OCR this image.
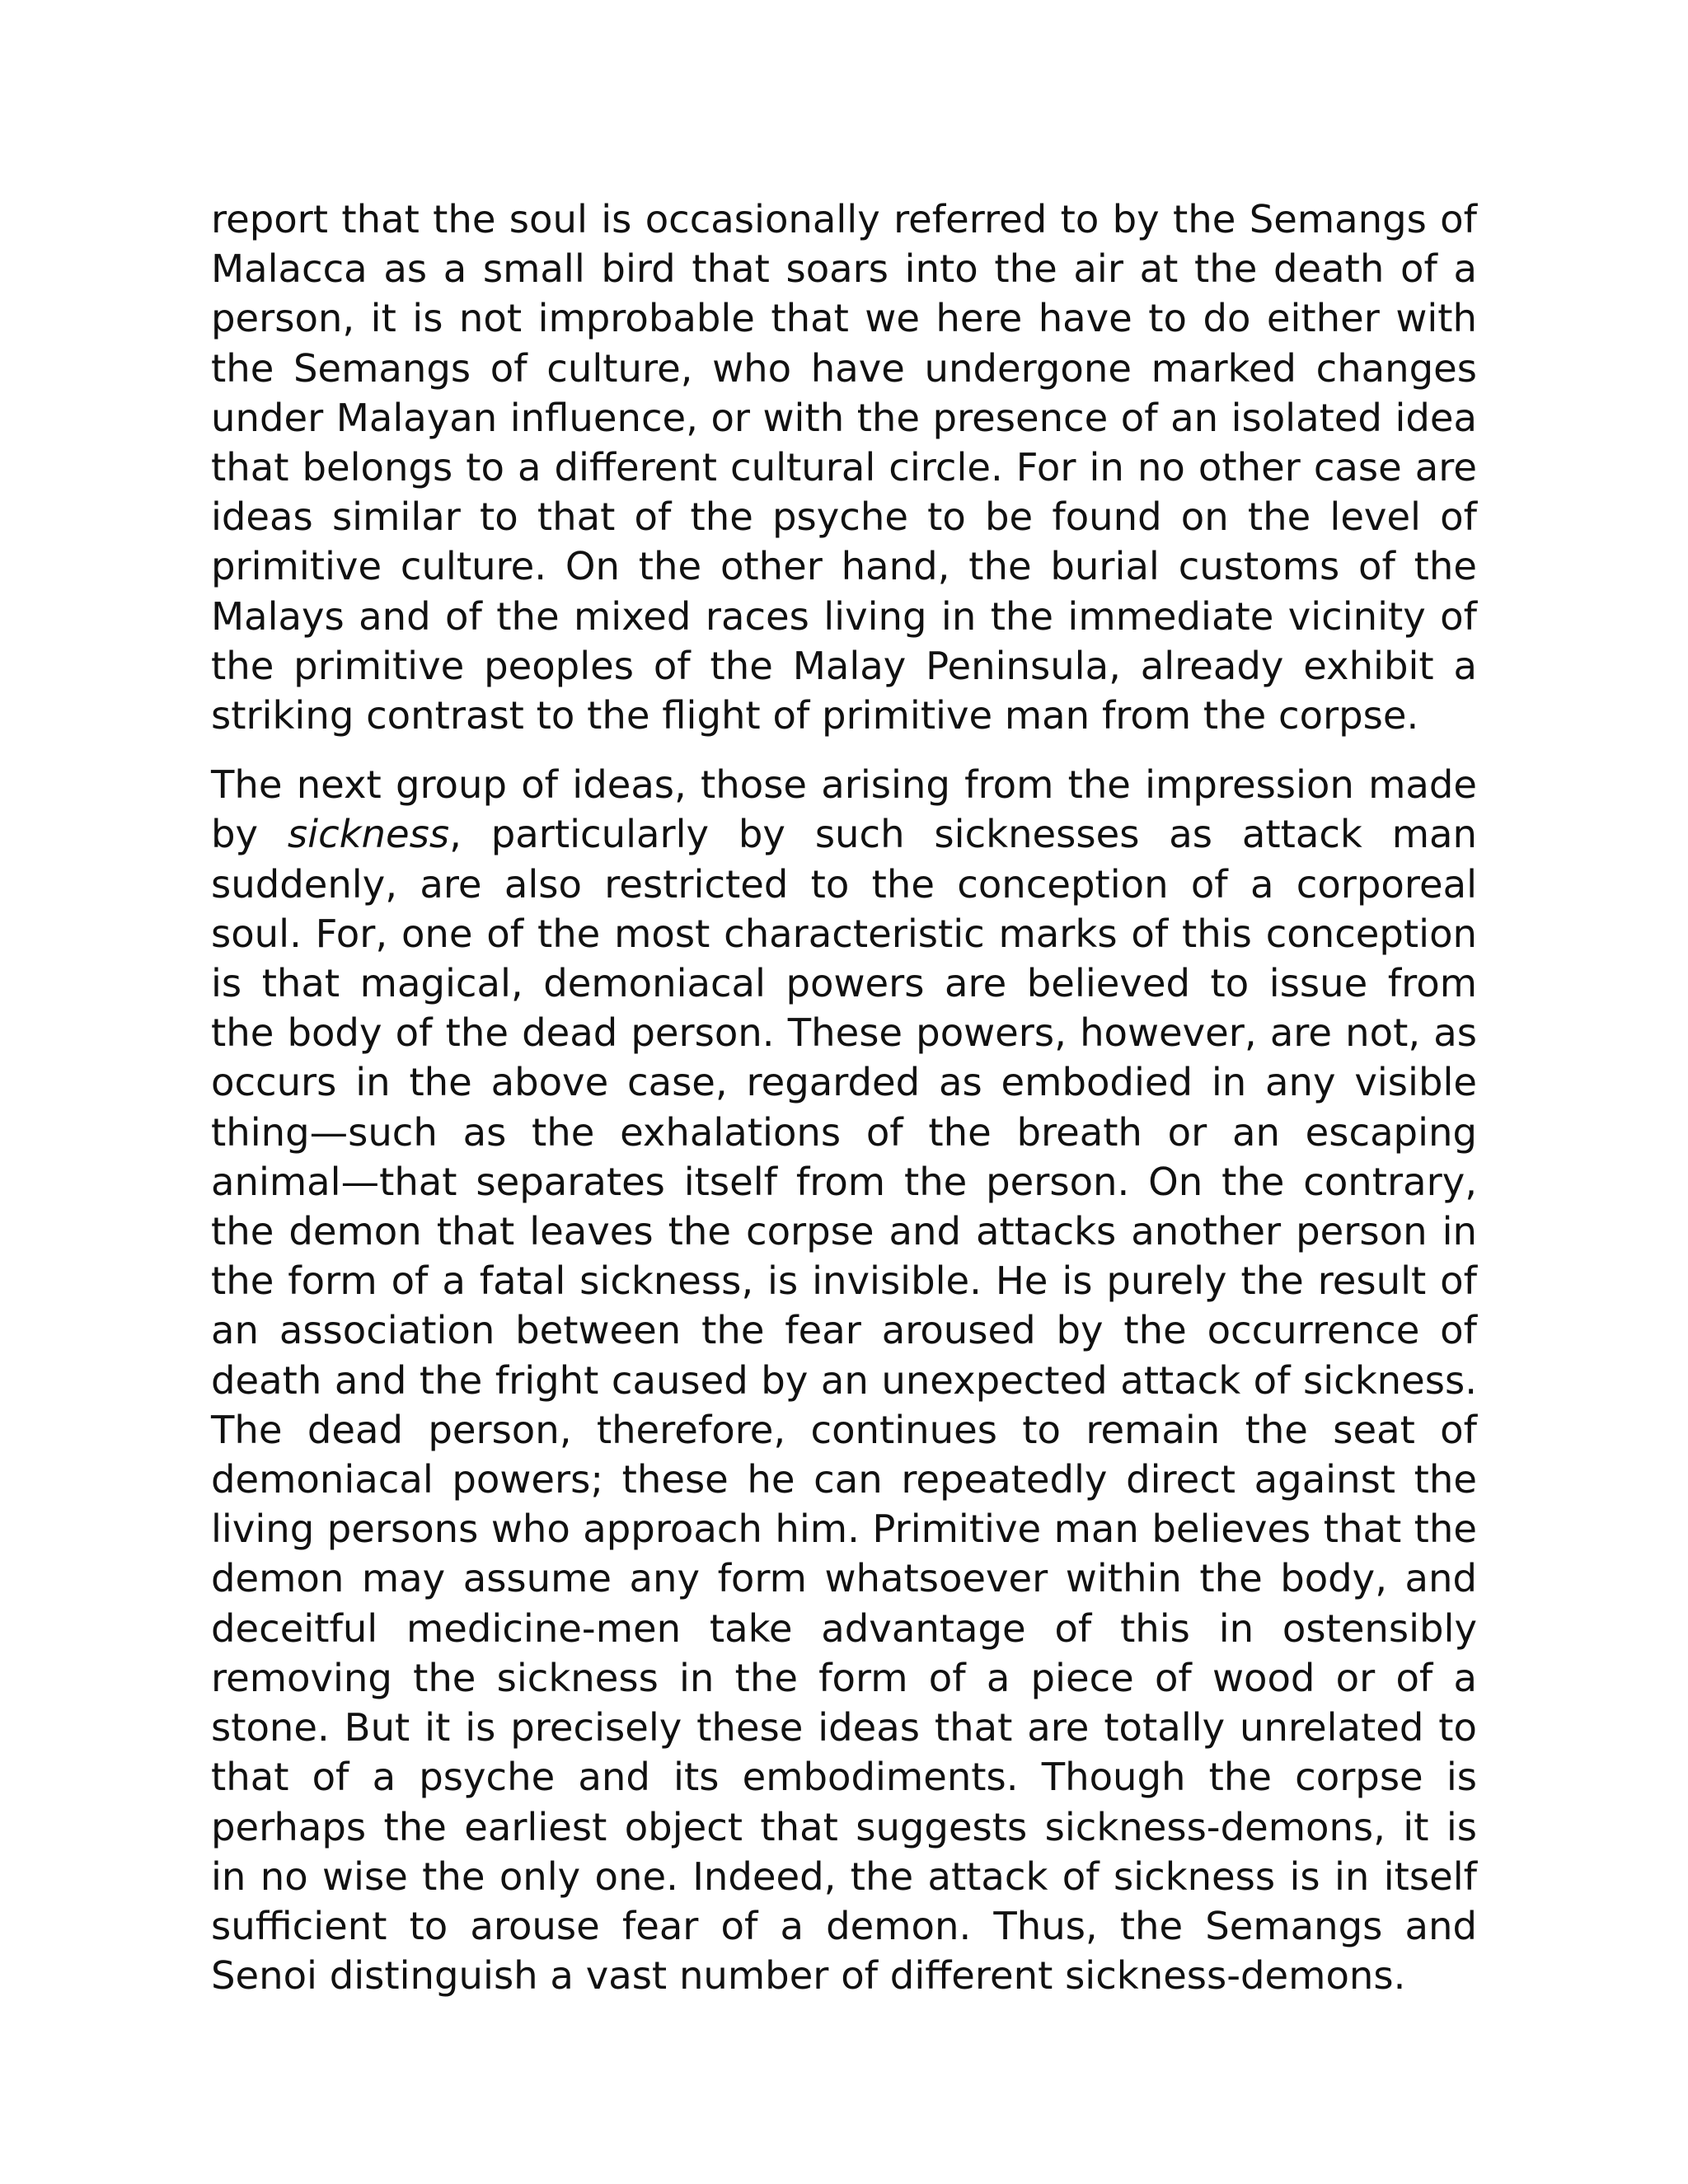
report that the soul is occasionally referred to by the Semangs of Malacca as a small bird that soars into the air at the death of a person, it is not improbable that we here have to do either with the Semangs of culture, who have undergone marked changes under Malayan influence, or with the presence of an isolated idea that belongs to a different cultural circle. For in no other case are ideas similar to that of the psyche to be found on the level of primitive culture. On the other hand, the burial customs of the Malays and of the mixed races living in the immediate vicinity of the primitive peoples of the Malay Peninsula, already exhibit a striking contrast to the flight of primitive man from the corpse.

The next group of ideas, those arising from the impression made by sickness, particularly by such sicknesses as attack man suddenly, are also restricted to the conception of a corporeal soul. For, one of the most characteristic marks of this conception is that magical, demoniacal powers are believed to issue from the body of the dead person. These powers, however, are not, as occurs in the above case, regarded as embodied in any visible thing—such as the exhalations of the breath or an escaping animal—that separates itself from the person. On the contrary, the demon that leaves the corpse and attacks another person in the form of a fatal sickness, is invisible. He is purely the result of an association between the fear aroused by the occurrence of death and the fright caused by an unexpected attack of sickness. The dead person, therefore, continues to remain the seat of demoniacal powers; these he can repeatedly direct against the living persons who approach him. Primitive man believes that the demon may assume any form whatsoever within the body, and deceitful medicine-men take advantage of this in ostensibly removing the sickness in the form of a piece of wood or of a stone. But it is precisely these ideas that are totally unrelated to that of a psyche and its embodiments. Though the corpse is perhaps the earliest object that suggests sickness-demons, it is in no wise the only one. Indeed, the attack of sickness is in itself sufficient to arouse fear of a demon. Thus, the Semangs and Senoi distinguish a vast number of different sickness-demons.
